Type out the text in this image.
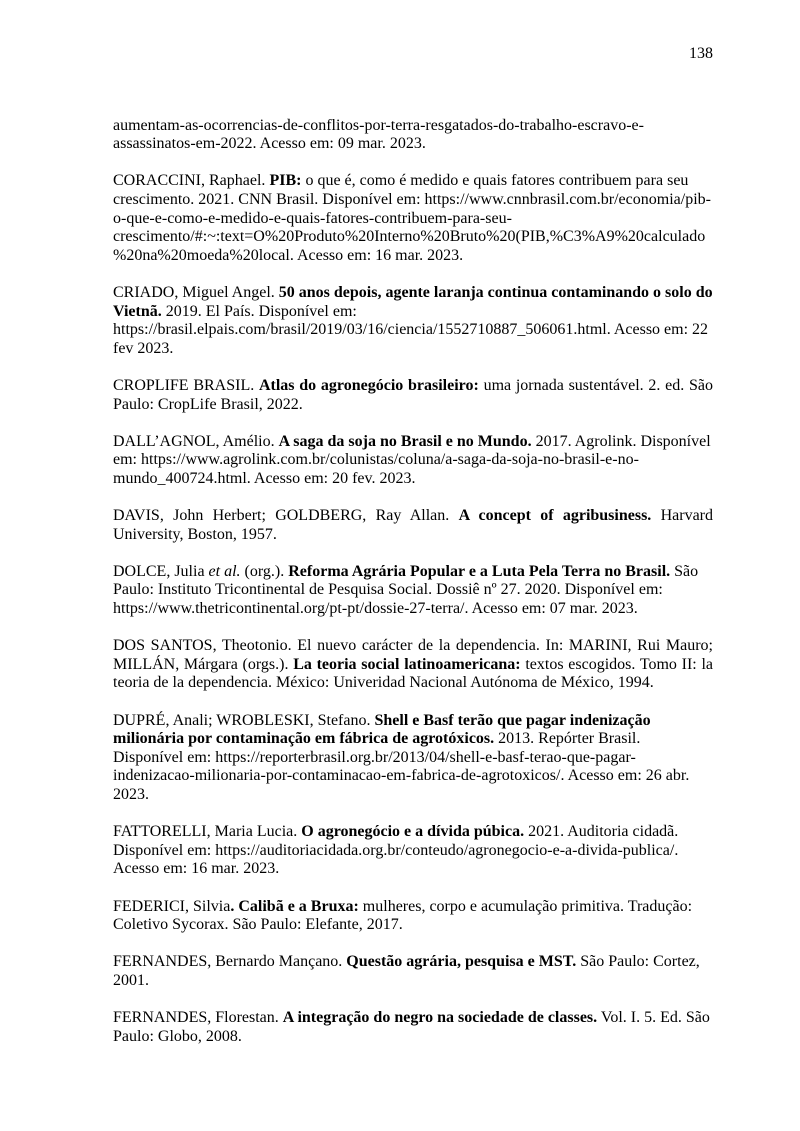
138

aumentam-as-ocorrencias-de-conflitos-por-terra-resgatados-do-trabalho-escravo-e-assassinatos-em-2022. Acesso em: 09 mar. 2023.

CORACCINI, Raphael. PIB: o que é, como é medido e quais fatores contribuem para seu crescimento. 2021. CNN Brasil. Disponível em: https://www.cnnbrasil.com.br/economia/pib-o-que-e-como-e-medido-e-quais-fatores-contribuem-para-seu-crescimento/#:~:text=O%20Produto%20Interno%20Bruto%20(PIB,%C3%A9%20calculado%20na%20moeda%20local. Acesso em: 16 mar. 2023.

CRIADO, Miguel Angel. 50 anos depois, agente laranja continua contaminando o solo do Vietnã. 2019. El País. Disponível em: https://brasil.elpais.com/brasil/2019/03/16/ciencia/1552710887_506061.html. Acesso em: 22 fev 2023.

CROPLIFE BRASIL. Atlas do agronegócio brasileiro: uma jornada sustentável. 2. ed. São Paulo: CropLife Brasil, 2022.

DALL’AGNOL, Amélio. A saga da soja no Brasil e no Mundo. 2017. Agrolink. Disponível em: https://www.agrolink.com.br/colunistas/coluna/a-saga-da-soja-no-brasil-e-no-mundo_400724.html. Acesso em: 20 fev. 2023.

DAVIS, John Herbert; GOLDBERG, Ray Allan. A concept of agribusiness. Harvard University, Boston, 1957.

DOLCE, Julia et al. (org.). Reforma Agrária Popular e a Luta Pela Terra no Brasil. São Paulo: Instituto Tricontinental de Pesquisa Social. Dossiê nº 27. 2020. Disponível em: https://www.thetricontinental.org/pt-pt/dossie-27-terra/. Acesso em: 07 mar. 2023.

DOS SANTOS, Theotonio. El nuevo carácter de la dependencia. In: MARINI, Rui Mauro; MILLÁN, Márgara (orgs.). La teoria social latinoamericana: textos escogidos. Tomo II: la teoria de la dependencia. México: Univeridad Nacional Autónoma de México, 1994.

DUPRÉ, Anali; WROBLESKI, Stefano. Shell e Basf terão que pagar indenização milionária por contaminação em fábrica de agrotóxicos. 2013. Repórter Brasil. Disponível em: https://reporterbrasil.org.br/2013/04/shell-e-basf-terao-que-pagar-indenizacao-milionaria-por-contaminacao-em-fabrica-de-agrotoxicos/. Acesso em: 26 abr. 2023.

FATTORELLI, Maria Lucia. O agronegócio e a dívida púbica. 2021. Auditoria cidadã. Disponível em: https://auditoriacidada.org.br/conteudo/agronegocio-e-a-divida-publica/. Acesso em: 16 mar. 2023.

FEDERICI, Silvia. Calibã e a Bruxa: mulheres, corpo e acumulação primitiva. Tradução: Coletivo Sycorax. São Paulo: Elefante, 2017.

FERNANDES, Bernardo Mançano. Questão agrária, pesquisa e MST. São Paulo: Cortez, 2001.

FERNANDES, Florestan. A integração do negro na sociedade de classes. Vol. I. 5. Ed. São Paulo: Globo, 2008.
